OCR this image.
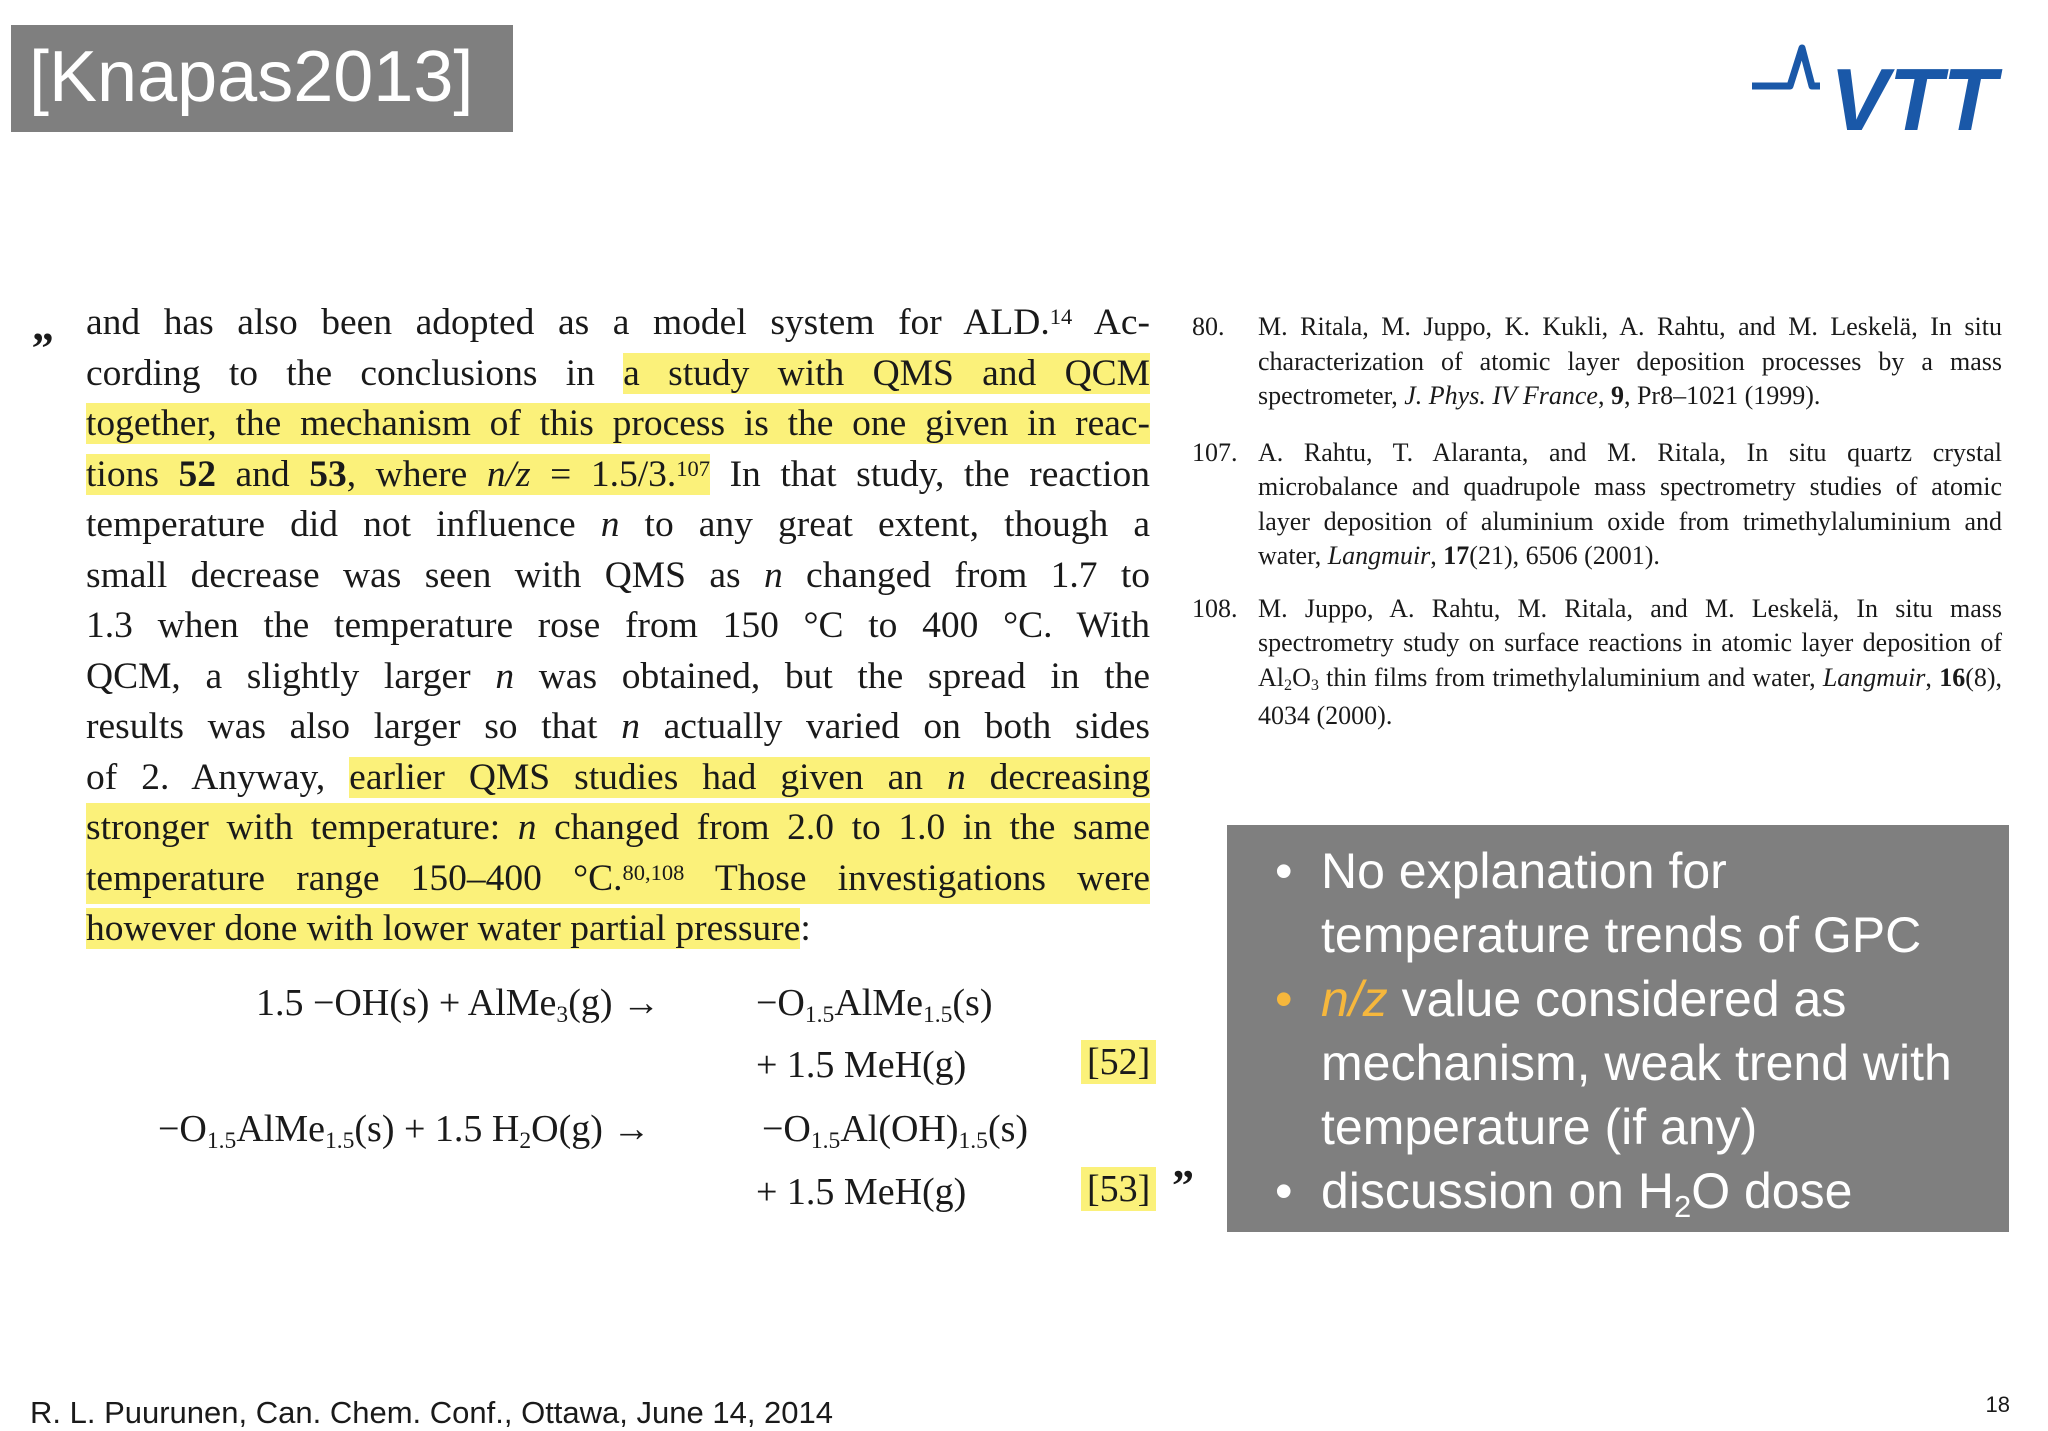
[Knapas2013]	VTT
„ and has also been adopted as a model system for ALD.$^{14}$ Ac-
cording to the conclusions in a study with QMS and QCM
together, the mechanism of this process is the one given in reac-
tions 52 and 53, where n/z = 1.5/3.$^{107}$ In that study, the reaction
temperature did not influence n to any great extent, though a
small decrease was seen with QMS as n changed from 1.7 to
1.3 when the temperature rose from 150 °C to 400 °C. With
QCM, a slightly larger n was obtained, but the spread in the
results was also larger so that n actually varied on both sides
of 2. Anyway, earlier QMS studies had given an n decreasing
stronger with temperature: n changed from 2.0 to 1.0 in the same
temperature range 150–400 °C.$^{80,108}$ Those investigations were
however done with lower water partial pressure:
1.5 −OH(s) + AlMe$_3$(g) →	$-O_{1.5}AlMe_{1.5}(s)$
+ 1.5 MeH(g)	[52]
$-O_{1.5}AlMe_{1.5}(s) + 1.5$ $H_2O(g)$ →	$-O_{1.5}Al(OH)_{1.5}(s)$
+ 1.5 MeH(g)	[53] ”
80. M. Ritala, M. Juppo, K. Kukli, A. Rahtu, and M. Leskelä, In situ characterization of atomic layer deposition processes by a mass spectrometer, J. Phys. IV France, 9, Pr8–1021 (1999).
107. A. Rahtu, T. Alaranta, and M. Ritala, In situ quartz crystal microbalance and quadrupole mass spectrometry studies of atomic layer deposition of aluminium oxide from trimethylaluminium and water, Langmuir, 17(21), 6506 (2001).
108. M. Juppo, A. Rahtu, M. Ritala, and M. Leskelä, In situ mass spectrometry study on surface reactions in atomic layer deposition of $Al_2O_3$ thin films from trimethylaluminium and water, Langmuir, 16(8), 4034 (2000).
• No explanation for temperature trends of GPC
• n/z value considered as mechanism, weak trend with temperature (if any)
• discussion on $H_2O$ dose
R. L. Puurunen, Can. Chem. Conf., Ottawa, June 14, 2014	18
